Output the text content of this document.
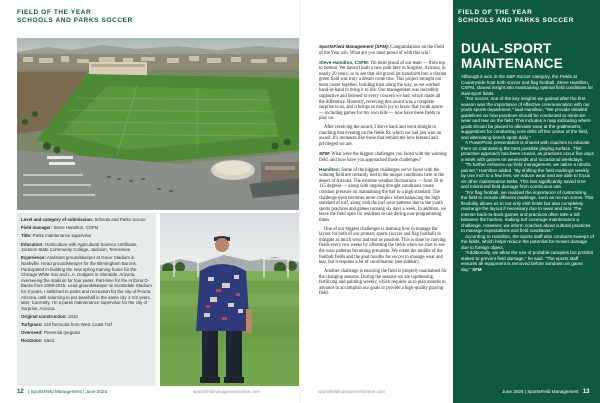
FIELD OF THE YEAR
SCHOOLS AND PARKS SOCCER

Level and category of submission: Schools and Parks Soccer

Field manager: Steve Hamilton, CSFM

Title: Parks maintenance supervisor

Education: Horticulture with Agricultural Science certificate, Jackson State Community College, Jackson, Tennessee

Experience: Assistant groundskeeper at Greer Stadium in Nashville. Head groundskeeper for the Birmingham Barons. Participated in building the new spring training home for the Chicago White Sox and L.A. Dodgers in Glendale, Arizona, overseeing the stadium for four years. Part-time for the Arizona D-Backs from 2009-2015. Lead groundskeeper at Scottsdale Stadium for 3 years. I switched to parks and recreation for the city of Peoria, Arizona, until returning to pro baseball in the same city 1-1/2 years later. Currently, I'm a parks maintenance supervisor for the city of Surprise, Arizona.

Original construction: 2023

Turfgrass: 419 bermuda from West Coast Turf

Overseed: Perennial ryegrass

Rootzone: Sand

SportsField Management (SFM): Congratulations on the Field of the Year win. What are you most proud of with this win?

Steve Hamilton, CSFM: I'm most proud of our team — from top to bottom. We haven't built a new park here in Surprise, Arizona, in nearly 20 years; so to see that old gravel lot transform into a vibrant green field was truly a dream come true. This project brought our team closer together, building trust along the way, as we worked hand-in-hand to bring it to life. Our management was incredibly supportive and listened to every concern we had, which made all the difference. Honestly, receiving this award was a complete surprise to us, and it brings so much joy to know that youth sports — including games for my own kids — now have these fields to play on.

After receiving the award, I drove back and went straight to coaching that evening on the fields for which we had just won an award. It's moments like those that remind me how blessed and privileged we are.

SFM: What were the biggest challenges you faced with the winning field, and how have you approached those challenges?

Hamilton: Some of the biggest challenges we've faced with the winning field are certainly tied to the unique conditions here in the desert of Arizona. The extreme weather fluctuations — from 50 to 115 degrees — along with ongoing drought conditions create constant pressure on maintaining the turf to a high standard. The challenge even becomes more complex when balancing the high standard of turf, along with the turf wear patterns due to the youth sports practices and games running six days a week. In addition, we leave the field open for residents to use during non-programming times.

One of our biggest challenges is learning how to manage the layout for both of our primary sports (soccer and flag football) to mitigate as much wear and tear as possible. This is done by moving fields every two weeks by offsetting the fields when we start to see the wear patterns becoming prevalent. We rotate the middle of the football fields and the goal mouths for soccer to manage wear and tear, but it requires a lot of coordination (see sidebar).

Another challenge is ensuring the field is properly maintained for the changing seasons. During the seasons we are topdressing, fertilizing and painting weekly, which requires us to plan months in advance to accomplish our goals to provide a high-quality playing field.

DUAL-SPORT
MAINTENANCE

Although it won in the S&P Soccer category, the Fields at Countryside host both soccer and flag football. Steve Hamilton, CSFM, shared insight into maintaining optimal field conditions for dual-sport fields.

"For soccer, one of the key insights we gained after the first season was the importance of effective communication with our youth sports department," said Hamilton. "We provide detailed guidelines on how practices should be conducted to minimize wear and tear on the field. This includes a map indicating where goals should be placed to alleviate wear at the goalmouths, suggestions for conducting core drills off the center of the field, and alternating bench spots daily."

A PowerPoint presentation is shared with coaches to educate them on maintaining the best possible playing surface. This proactive approach has been crucial, as practices occur five days a week with games on weekends and occasional weekdays.

"To further enhance our field management, we utilize a robotic painter," Hamilton added. "By shifting the field markings weekly by one inch to a few feet, we reduce wear and are able to focus on other maintenance tasks. This has significantly saved time and minimized field damage from continuous use.

"For flag football, we realized the importance of customizing the field to include different markings, such as no-run zones. This flexibility allows us to not only shift fields but also completely rearrange the layout if necessary due to wear and tear. The intense back-to-back games and practices often take a toll between the hashes, making turf coverage maintenance a challenge. However, we inform coaches about cultural practices to manage expectations and field conditions."

According to Hamilton, the sports staff also conducts sweeps of the fields, which helps reduce the potential for mower damage due to foreign object.

"Additionally, we allow the use of portable canopies but prohibit stakes to prevent field damage," he said. "The sports staff ensures all equipment is removed before sundown on game day." SFM

FIELD OF THE YEAR
SCHOOLS AND PARKS SOCCER
12 | SportsField Management | June 2025	sportsfieldmanagementonline.com	sportsfieldmanagementonline.com	June 2025 | SportsField Management 13
